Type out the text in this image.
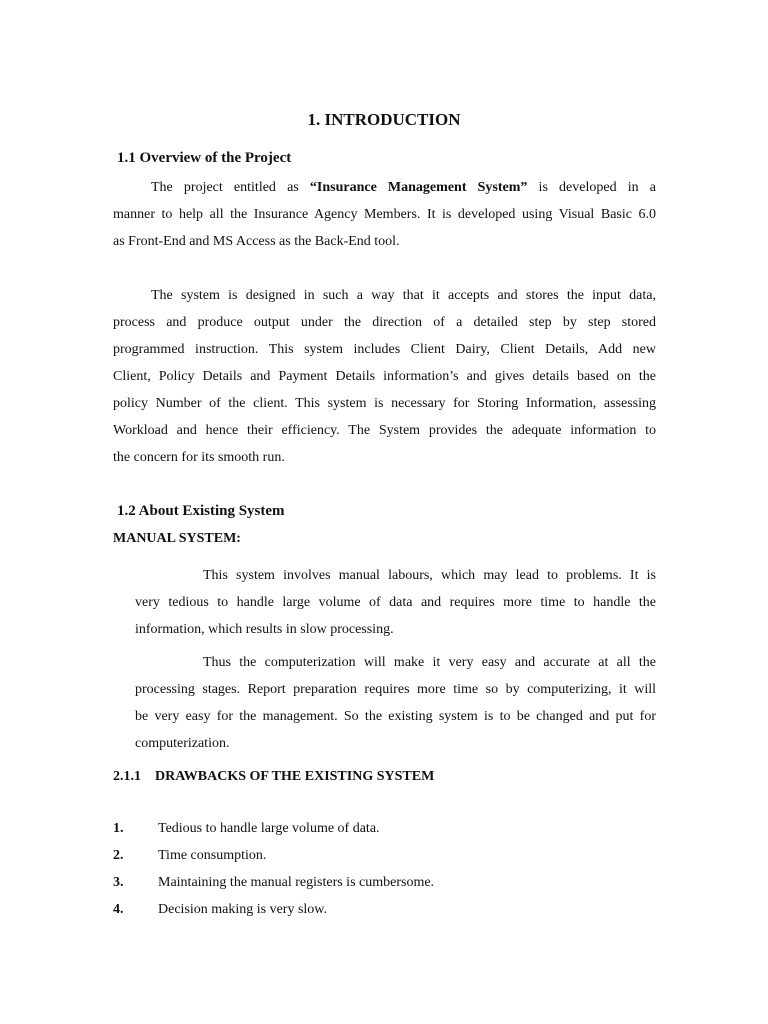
1. INTRODUCTION
1.1 Overview of the Project
The project entitled as “Insurance Management System” is developed in a
manner to help all the Insurance Agency Members. It is developed using Visual Basic 6.0
as Front-End and MS Access as the Back-End tool.
The system is designed in such a way that it accepts and stores the input data,
process and produce output under the direction of a detailed step by step stored
programmed instruction. This system includes Client Dairy, Client Details, Add new
Client, Policy Details and Payment Details information’s and gives details based on the
policy Number of the client. This system is necessary for Storing Information, assessing
Workload and hence their efficiency. The System provides the adequate information to
the concern for its smooth run.
1.2 About Existing System
MANUAL SYSTEM:
This system involves manual labours, which may lead to problems. It is
very tedious to handle large volume of data and requires more time to handle the
information, which results in slow processing.
Thus the computerization will make it very easy and accurate at all the
processing stages. Report preparation requires more time so by computerizing, it will
be very easy for the management. So the existing system is to be changed and put for
computerization.
2.1.1    DRAWBACKS OF THE EXISTING SYSTEM
1. Tedious to handle large volume of data.
2. Time consumption.
3. Maintaining the manual registers is cumbersome.
4. Decision making is very slow.
